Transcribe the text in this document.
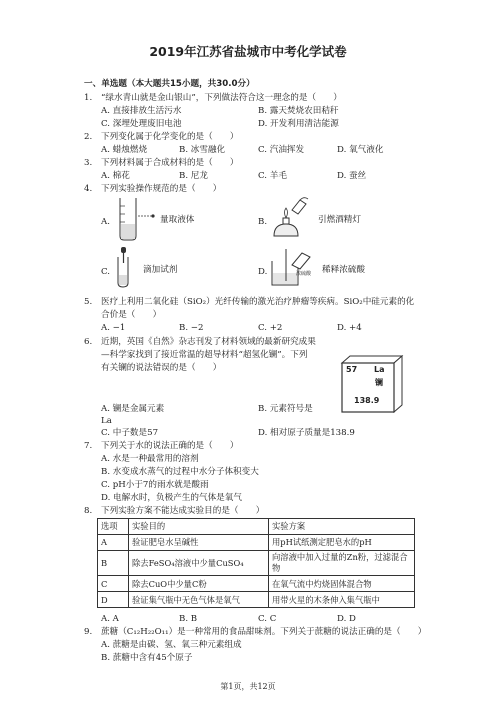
2019年江苏省盐城市中考化学试卷
一、单选题（本大题共15小题，共30.0分）
1. “绿水青山就是金山银山”，下列做法符合这一理念的是（　　）
A. 直接排放生活污水	B. 露天焚烧农田秸秆
C. 深埋处理废旧电池	D. 开发利用清洁能源
2. 下列变化属于化学变化的是（　　）
A. 蜡烛燃烧	B. 冰雪融化	C. 汽油挥发	D. 氧气液化
3. 下列材料属于合成材料的是（　　）
A. 棉花	B. 尼龙	C. 羊毛	D. 蚕丝
4. 下列实验操作规范的是（　　）
A.	量取液体	B.	引燃酒精灯
C.	滴加试剂	D.	浓硫酸 稀释浓硫酸
5. 医疗上利用二氧化硅（SiO₂）光纤传输的激光治疗肿瘤等疾病。SiO₂中硅元素的化
合价是（　　）
A. −1	B. −2	C. +2	D. +4
6. 近期，英国《自然》杂志刊发了材料领域的最新研究成果
—科学家找到了接近常温的超导材料“超氢化镧”。下列
有关镧的说法错误的是（　　）	57 La
镧
138.9
A. 镧是金属元素	B. 元素符号是
La
C. 中子数是57	D. 相对原子质量是138.9
7. 下列关于水的说法正确的是（　　）
A. 水是一种最常用的溶剂
B. 水变成水蒸气的过程中水分子体积变大
C. pH小于7的雨水就是酸雨
D. 电解水时，负极产生的气体是氧气
8. 下列实验方案不能达成实验目的是（　　）
选项	实验目的	实验方案
A	验证肥皂水呈碱性	用pH试纸测定肥皂水的pH
B	除去FeSO₄溶液中少量CuSO₄	向溶液中加入过量的Zn粉，过滤混合物
C	除去CuO中少量C粉	在氧气流中灼烧固体混合物
D	验证集气瓶中无色气体是氧气	用带火星的木条伸入集气瓶中
A. A	B. B	C. C	D. D
9. 蔗糖（C₁₂H₂₂O₁₁）是一种常用的食品甜味剂。下列关于蔗糖的说法正确的是（　　）
A. 蔗糖是由碳、氢、氧三种元素组成
B. 蔗糖中含有45个原子
第1页，共12页
